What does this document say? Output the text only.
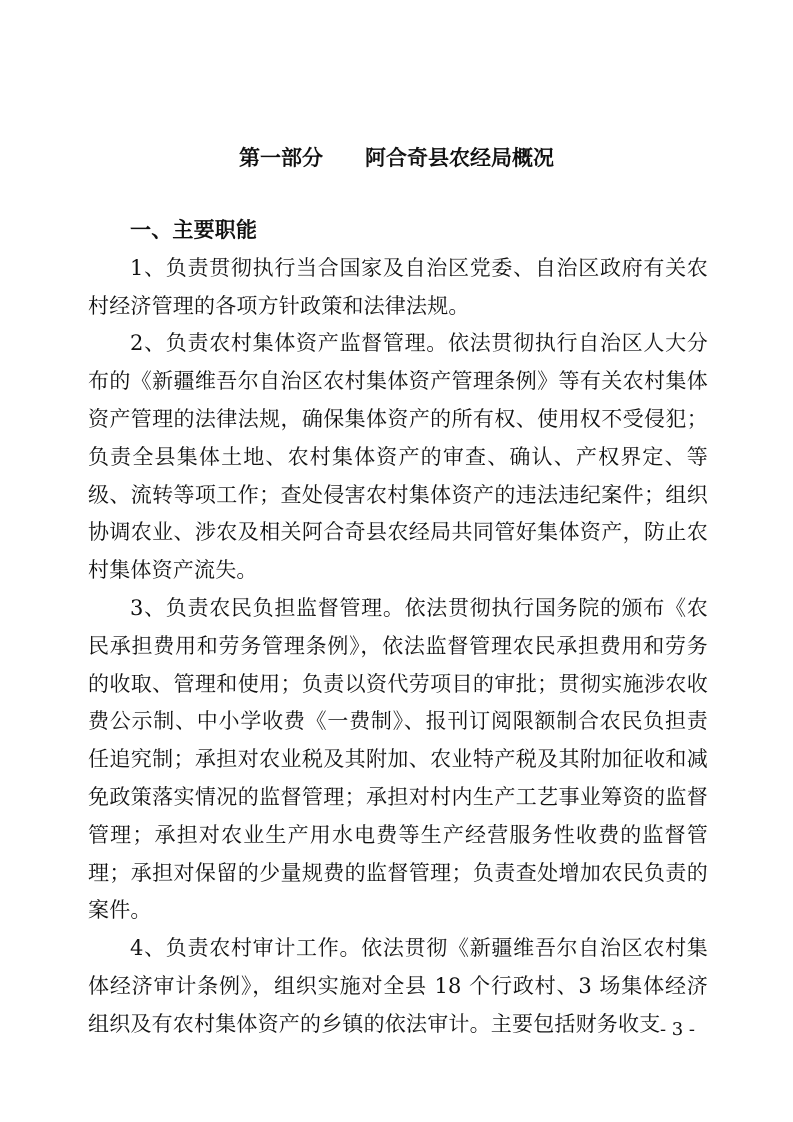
第一部分　　阿合奇县农经局概况

一、主要职能

1、负责贯彻执行当合国家及自治区党委、自治区政府有关农村经济管理的各项方针政策和法律法规。

2、负责农村集体资产监督管理。依法贯彻执行自治区人大分布的《新疆维吾尔自治区农村集体资产管理条例》等有关农村集体资产管理的法律法规，确保集体资产的所有权、使用权不受侵犯；负责全县集体土地、农村集体资产的审查、确认、产权界定、等级、流转等项工作；查处侵害农村集体资产的违法违纪案件；组织协调农业、涉农及相关阿合奇县农经局共同管好集体资产，防止农村集体资产流失。

3、负责农民负担监督管理。依法贯彻执行国务院的颁布《农民承担费用和劳务管理条例》，依法监督管理农民承担费用和劳务的收取、管理和使用；负责以资代劳项目的审批；贯彻实施涉农收费公示制、中小学收费《一费制》、报刊订阅限额制合农民负担责任追究制；承担对农业税及其附加、农业特产税及其附加征收和减免政策落实情况的监督管理；承担对村内生产工艺事业筹资的监督管理；承担对农业生产用水电费等生产经营服务性收费的监督管理；承担对保留的少量规费的监督管理；负责查处增加农民负责的案件。

4、负责农村审计工作。依法贯彻《新疆维吾尔自治区农村集体经济审计条例》，组织实施对全县 18 个行政村、3 场集体经济组织及有农村集体资产的乡镇的依法审计。主要包括财务收支 - 3 -
